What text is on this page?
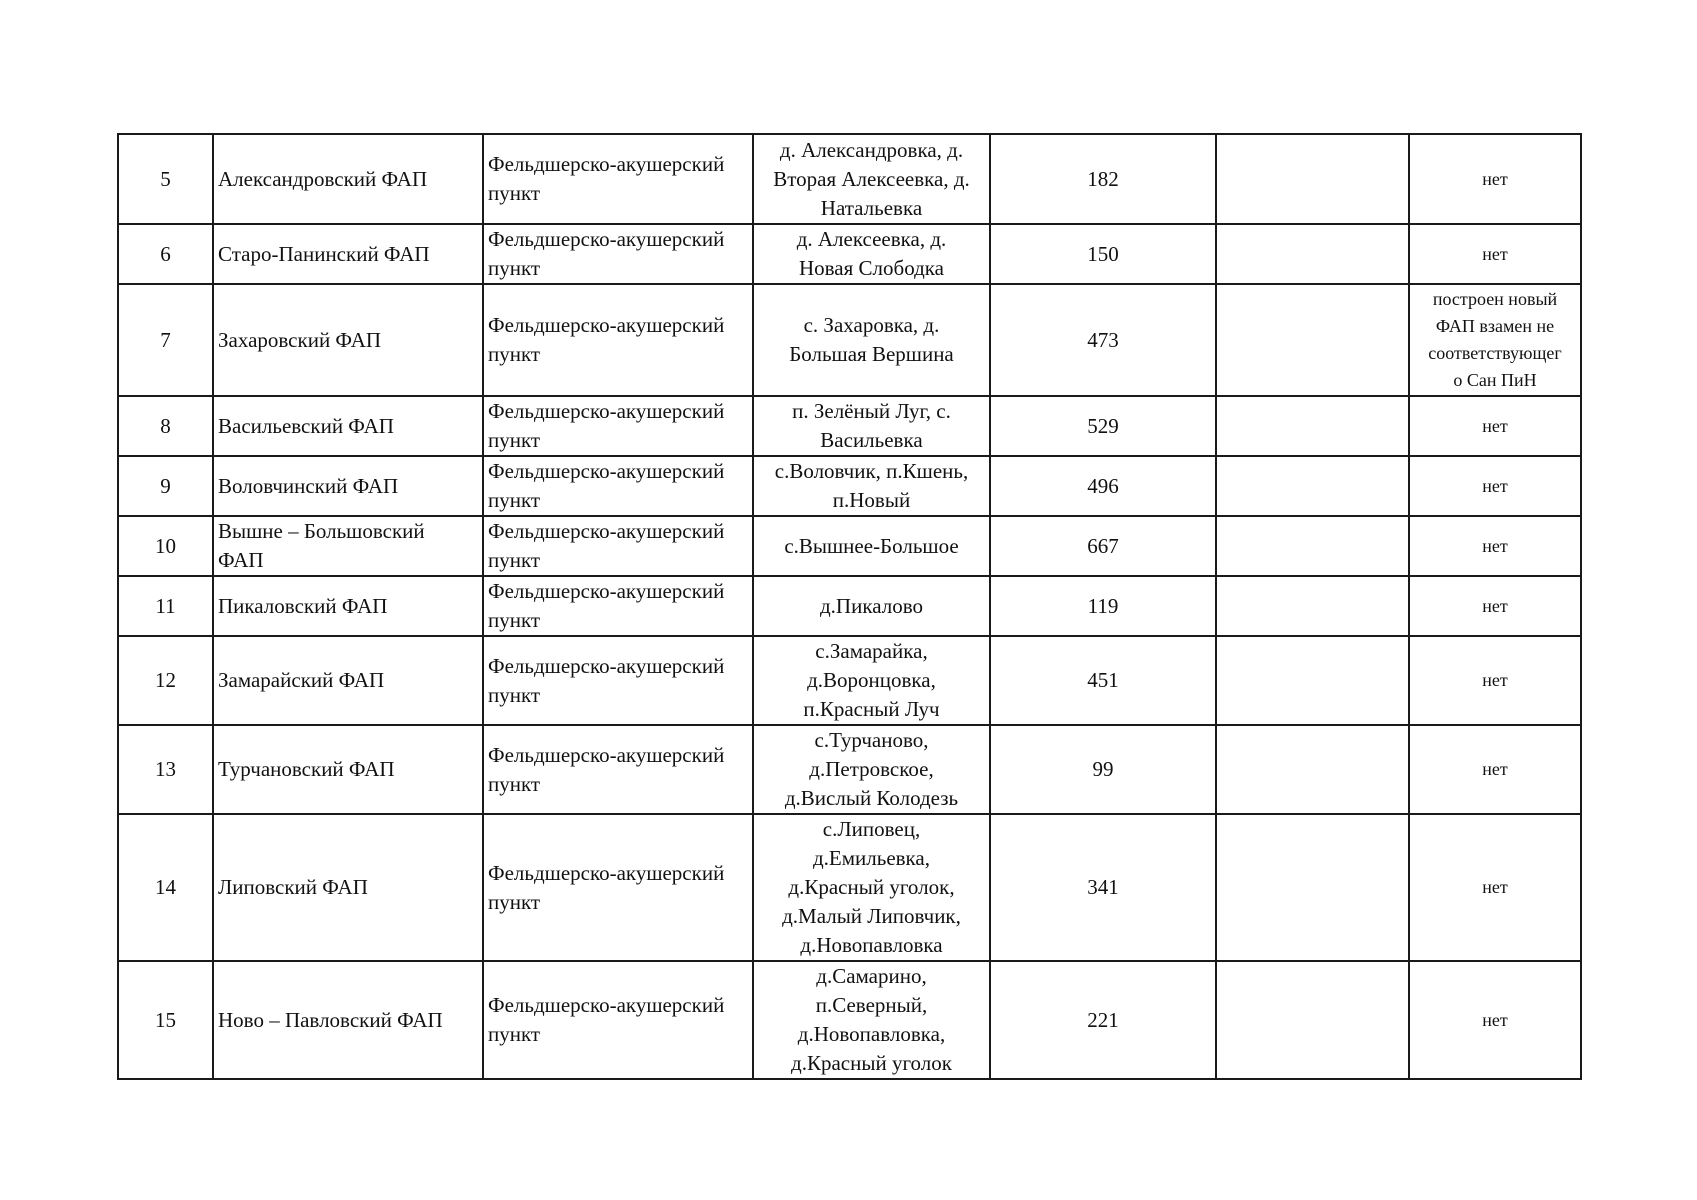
5	Александровский ФАП	Фельдшерско-акушерский
пункт	д. Александровка, д.
Вторая Алексеевка, д.
Натальевка	182		нет

6	Старо-Панинский ФАП	Фельдшерско-акушерский
пункт	д. Алексеевка, д.
Новая Слободка	150		нет

7	Захаровский ФАП	Фельдшерско-акушерский
пункт	с. Захаровка, д.
Большая Вершина	473		построен новый
ФАП взамен не
соответствующег
о Сан ПиН

8	Васильевский ФАП	Фельдшерско-акушерский
пункт	п. Зелёный Луг, с.
Васильевка	529		нет

9	Воловчинский ФАП	Фельдшерско-акушерский
пункт	с.Воловчик, п.Кшень,
п.Новый	496		нет

10	Вышне – Большовский
ФАП	Фельдшерско-акушерский
пункт	с.Вышнее-Большое	667		нет

11	Пикаловский ФАП	Фельдшерско-акушерский
пункт	д.Пикалово	119		нет

12	Замарайский ФАП	Фельдшерско-акушерский
пункт	с.Замарайка,
д.Воронцовка,
п.Красный Луч	451		нет

13	Турчановский ФАП	Фельдшерско-акушерский
пункт	с.Турчаново,
д.Петровское,
д.Вислый Колодезь	99		нет

14	Липовский ФАП	Фельдшерско-акушерский
пункт	с.Липовец,
д.Емильевка,
д.Красный уголок,
д.Малый Липовчик,
д.Новопавловка	341		нет

15	Ново – Павловский ФАП	Фельдшерско-акушерский
пункт	д.Самарино,
п.Северный,
д.Новопавловка,
д.Красный уголок	221		нет
